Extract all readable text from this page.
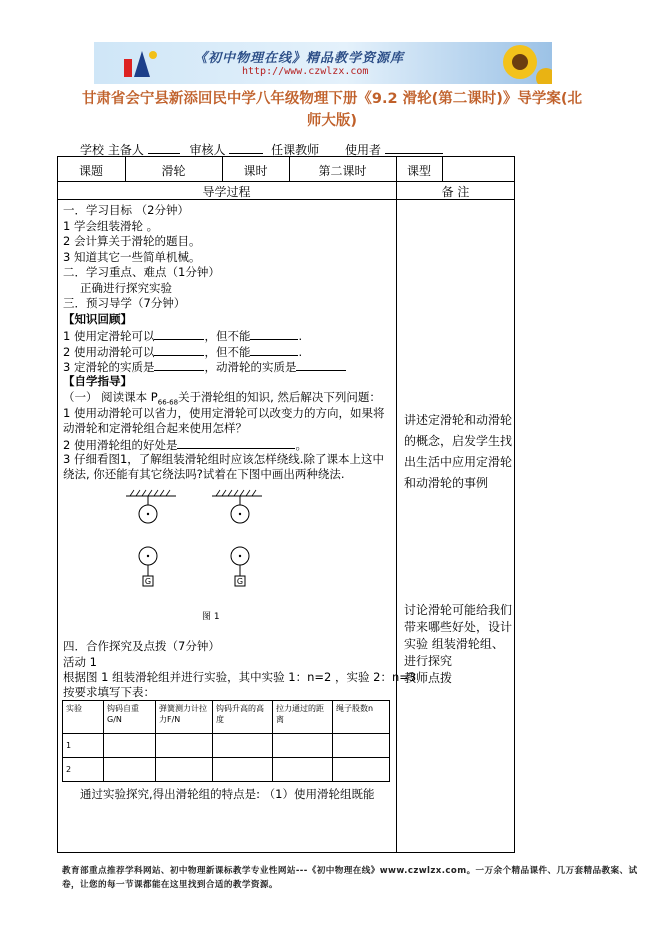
《初中物理在线》精品教学资源库
http://www.czwlzx.com
甘肃省会宁县新添回民中学八年级物理下册《9.2 滑轮(第二课时)》导学案(北
师大版)
学校 主备人	审核人	任课教师 使用者
课题	滑轮	课时	第二课时	课型
导学过程	备 注
一．学习目标 （2分钟）
1 学会组装滑轮 。
2 会计算关于滑轮的题目。
3 知道其它一些简单机械。
二．学习重点、难点（1分钟）
正确进行探究实验
三．预习导学（7分钟）
【知识回顾】
1 使用定滑轮可以	，但不能	.
2 使用动滑轮可以	，但不能	.
3 定滑轮的实质是	，动滑轮的实质是
【自学指导】
（一） 阅读课本 $P_{66-68}$关于滑轮组的知识, 然后解决下列问题：
1 使用动滑轮可以省力，使用定滑轮可以改变力的方向，如果将
动滑轮和定滑轮组合起来使用怎样？
2 使用滑轮组的好处是	。
3 仔细看图1，了解组装滑轮组时应该怎样绕线.除了课本上这中
绕法, 你还能有其它绕法吗?试着在下图中画出两种绕法.
G	G
图 1
四．合作探究及点拨（7分钟）
活动 1
根据图 1 组装滑轮组并进行实验，其中实验 1：n=2 ，实验 2：n=3
按要求填写下表：
实验	钩码自重G/N	弹簧测力计拉力F/N	钩码升高的高度	拉力通过的距离	绳子股数n
1					
2					
通过实验探究,得出滑轮组的特点是: （1）使用滑轮组既能
讲述定滑轮和动滑轮的概念，启发学生找出生活中应用定滑轮和动滑轮的事例
讨论滑轮可能给我们带来哪些好处，设计实验 组装滑轮组、进行探究
教师点拨
教育部重点推荐学科网站、初中物理新课标教学专业性网站---《初中物理在线》www.czwlzx.com。一万余个精品课件、几万套精品教案、试卷，让您的每一节课都能在这里找到合适的教学资源。
